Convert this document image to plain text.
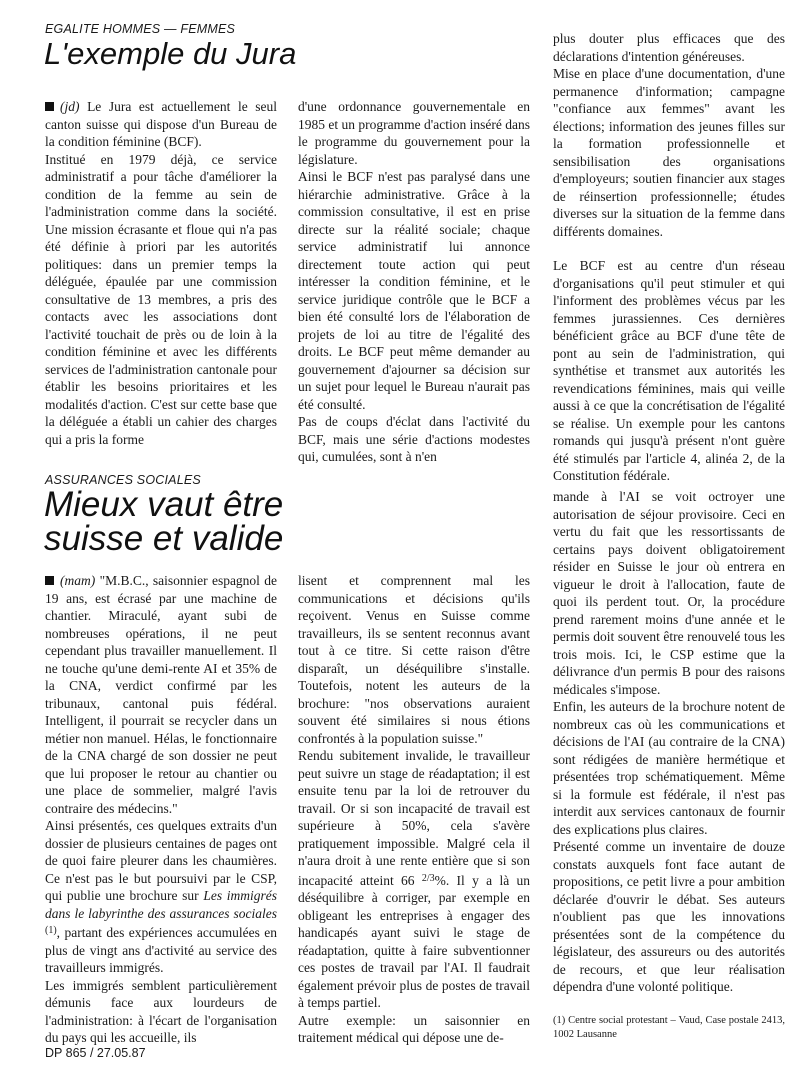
EGALITE HOMMES — FEMMES
L'exemple du Jura

(jd) Le Jura est actuellement le seul canton suisse qui dispose d'un Bureau de la condition féminine (BCF).

Institué en 1979 déjà, ce service administratif a pour tâche d'améliorer la condition de la femme au sein de l'administration comme dans la société. Une mission écrasante et floue qui n'a pas été définie à priori par les autorités politiques: dans un premier temps la déléguée, épaulée par une commission consultative de 13 membres, a pris des contacts avec les associations dont l'activité touchait de près ou de loin à la condition féminine et avec les différents services de l'administration cantonale pour établir les besoins prioritaires et les modalités d'action. C'est sur cette base que la déléguée a établi un cahier des charges qui a pris la forme

d'une ordonnance gouvernementale en 1985 et un programme d'action inséré dans le programme du gouvernement pour la législature.

Ainsi le BCF n'est pas paralysé dans une hiérarchie administrative. Grâce à la commission consultative, il est en prise directe sur la réalité sociale; chaque service administratif lui annonce directement toute action qui peut intéresser la condition féminine, et le service juridique contrôle que le BCF a bien été consulté lors de l'élaboration de projets de loi au titre de l'égalité des droits. Le BCF peut même demander au gouvernement d'ajourner sa décision sur un sujet pour lequel le Bureau n'aurait pas été consulté.

Pas de coups d'éclat dans l'activité du BCF, mais une série d'actions modestes qui, cumulées, sont à n'en

plus douter plus efficaces que des déclarations d'intention généreuses.

Mise en place d'une documentation, d'une permanence d'information; campagne "confiance aux femmes" avant les élections; information des jeunes filles sur la formation professionnelle et sensibilisation des organisations d'employeurs; soutien financier aux stages de réinsertion professionnelle; études diverses sur la situation de la femme dans différents domaines.

Le BCF est au centre d'un réseau d'organisations qu'il peut stimuler et qui l'informent des problèmes vécus par les femmes jurassiennes. Ces dernières bénéficient grâce au BCF d'une tête de pont au sein de l'administration, qui synthétise et transmet aux autorités les revendications féminines, mais qui veille aussi à ce que la concrétisation de l'égalité se réalise. Un exemple pour les cantons romands qui jusqu'à présent n'ont guère été stimulés par l'article 4, alinéa 2, de la Constitution fédérale.

ASSURANCES SOCIALES
Mieux vaut être
suisse et valide

(mam) "M.B.C., saisonnier espagnol de 19 ans, est écrasé par une machine de chantier. Miraculé, ayant subi de nombreuses opérations, il ne peut cependant plus travailler manuellement. Il ne touche qu'une demi-rente AI et 35% de la CNA, verdict confirmé par les tribunaux, cantonal puis fédéral. Intelligent, il pourrait se recycler dans un métier non manuel. Hélas, le fonctionnaire de la CNA chargé de son dossier ne peut que lui proposer le retour au chantier ou une place de sommelier, malgré l'avis contraire des médecins."

Ainsi présentés, ces quelques extraits d'un dossier de plusieurs centaines de pages ont de quoi faire pleurer dans les chaumières. Ce n'est pas le but poursuivi par le CSP, qui publie une brochure sur Les immigrés dans le labyrinthe des assurances sociales $^{(1)}$, partant des expériences accumulées en plus de vingt ans d'activité au service des travailleurs immigrés.

Les immigrés semblent particulièrement démunis face aux lourdeurs de l'administration: à l'écart de l'organisation du pays qui les accueille, ils

lisent et comprennent mal les communications et décisions qu'ils reçoivent. Venus en Suisse comme travailleurs, ils se sentent reconnus avant tout à ce titre. Si cette raison d'être disparaît, un déséquilibre s'installe. Toutefois, notent les auteurs de la brochure: "nos observations auraient souvent été similaires si nous étions confrontés à la population suisse."

Rendu subitement invalide, le travailleur peut suivre un stage de réadaptation; il est ensuite tenu par la loi de retrouver du travail. Or si son incapacité de travail est supérieure à 50%, cela s'avère pratiquement impossible. Malgré cela il n'aura droit à une rente entière que si son incapacité atteint 66 $^{2/3}$%. Il y a là un déséquilibre à corriger, par exemple en obligeant les entreprises à engager des handicapés ayant suivi le stage de réadaptation, quitte à faire subventionner ces postes de travail par l'AI. Il faudrait également prévoir plus de postes de travail à temps partiel.

Autre exemple: un saisonnier en traitement médical qui dépose une de-

mande à l'AI se voit octroyer une autorisation de séjour provisoire. Ceci en vertu du fait que les ressortissants de certains pays doivent obligatoirement résider en Suisse le jour où entrera en vigueur le droit à l'allocation, faute de quoi ils perdent tout. Or, la procédure prend rarement moins d'une année et le permis doit souvent être renouvelé tous les trois mois. Ici, le CSP estime que la délivrance d'un permis B pour des raisons médicales s'impose.

Enfin, les auteurs de la brochure notent de nombreux cas où les communications et décisions de l'AI (au contraire de la CNA) sont rédigées de manière hermétique et présentées trop schématiquement. Même si la formule est fédérale, il n'est pas interdit aux services cantonaux de fournir des explications plus claires.

Présenté comme un inventaire de douze constats auxquels font face autant de propositions, ce petit livre a pour ambition déclarée d'ouvrir le débat. Ses auteurs n'oublient pas que les innovations présentées sont de la compétence du législateur, des assureurs ou des autorités de recours, et que leur réalisation dépendra d'une volonté politique.

(1) Centre social protestant – Vaud, Case postale 2413, 1002 Lausanne

DP 865 / 27.05.87
